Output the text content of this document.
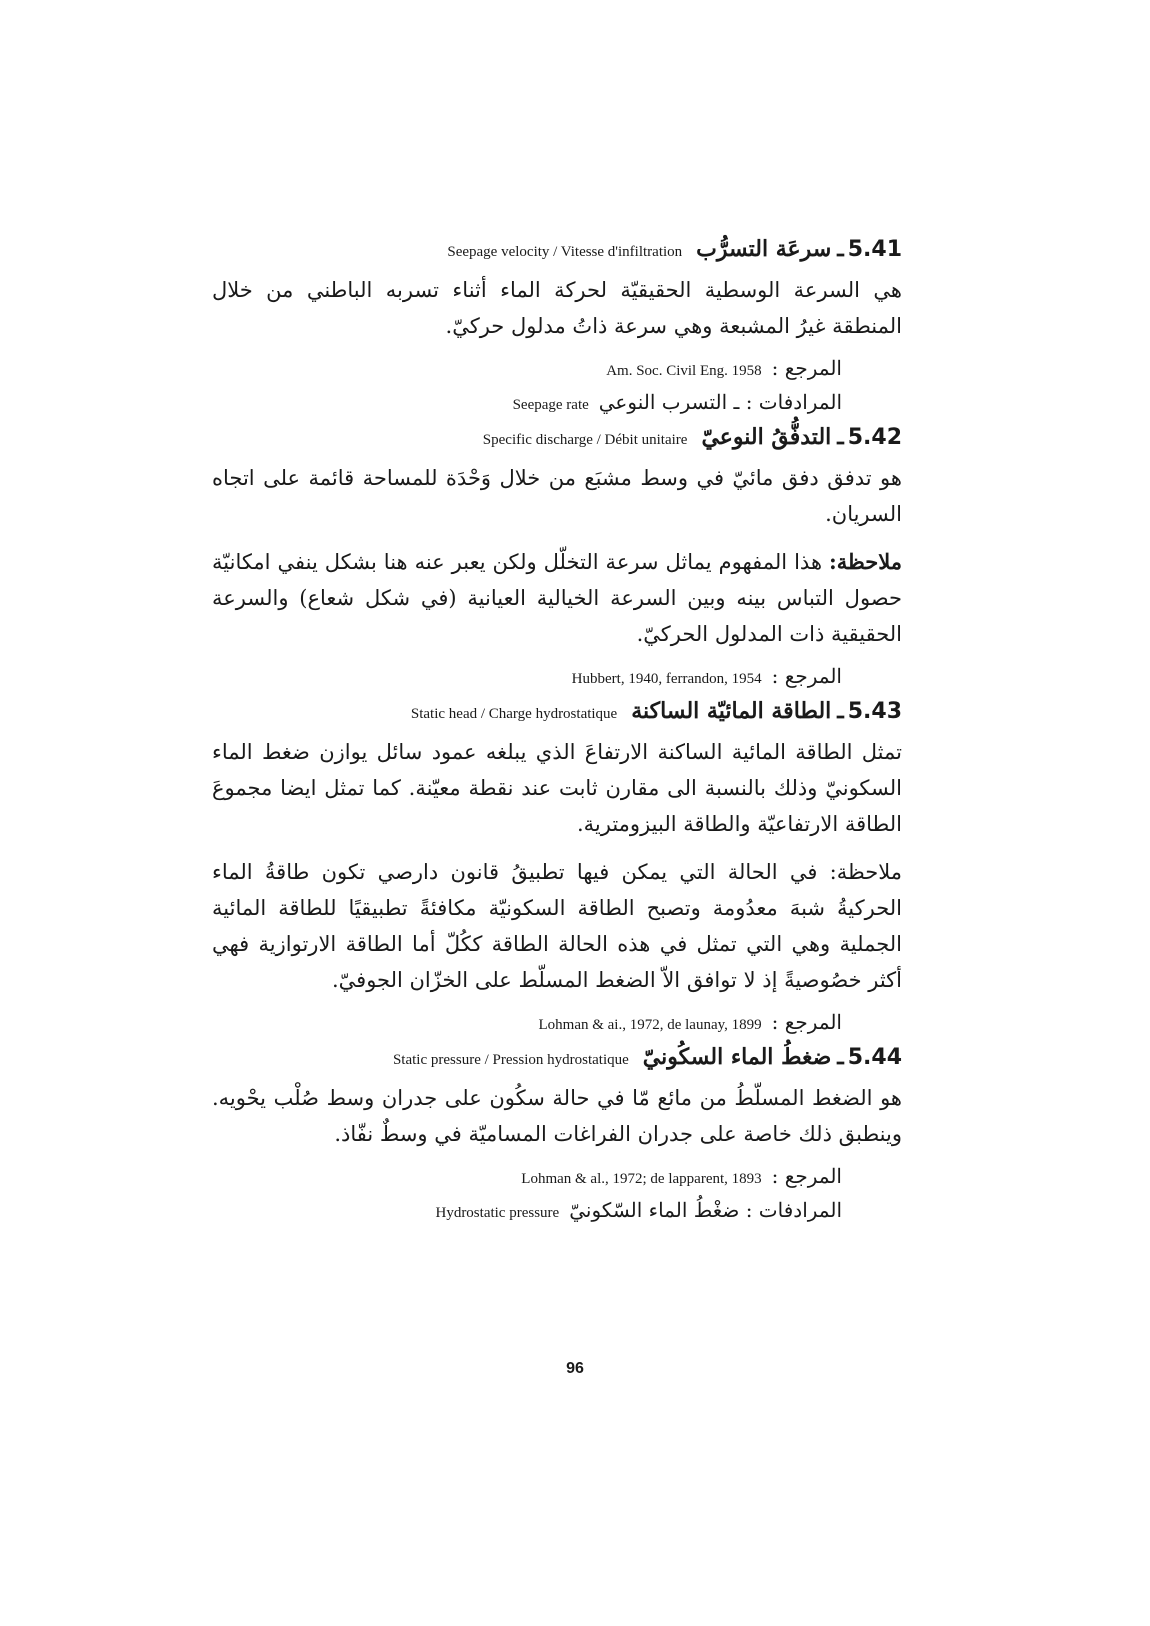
5.41
ـ
سرعَة التسرُّب
Seepage velocity / Vitesse d'infiltration

هي السرعة الوسطية الحقيقيّة لحركة الماء أثناء تسربه الباطني من خلال المنطقة غيرُ المشبعة وهي سرعة ذاتُ مدلول حركيّ.

المرجع :
Am. Soc. Civil Eng. 1958
المرادفات : ـ التسرب النوعي
Seepage rate
5.42
ـ
التدفُّقُ النوعيّ
Specific discharge / Débit unitaire

هو تدفق دفق مائيّ في وسط مشبَع من خلال وَحْدَة للمساحة قائمة على اتجاه السريان.

ملاحظة: هذا المفهوم يماثل سرعة التخلّل ولكن يعبر عنه هنا بشكل ينفي امكانيّة حصول التباس بينه وبين السرعة الخيالية العيانية (في شكل شعاع) والسرعة الحقيقية ذات المدلول الحركيّ.

المرجع :
Hubbert, 1940, ferrandon, 1954
5.43
ـ
الطاقة المائيّة الساكنة
Static head / Charge hydrostatique

تمثل الطاقة المائية الساكنة الارتفاعَ الذي يبلغه عمود سائل يوازن ضغط الماء السكونيّ وذلك بالنسبة الى مقارن ثابت عند نقطة معيّنة. كما تمثل ايضا مجموعَ الطاقة الارتفاعيّة والطاقة البيزومترية.

ملاحظة: في الحالة التي يمكن فيها تطبيقُ قانون دارصي تكون طاقةُ الماء الحركيةُ شبهَ معدُومة وتصبح الطاقة السكونيّة مكافئةً تطبيقيًا للطاقة المائية الجملية وهي التي تمثل في هذه الحالة الطاقة ككُلّ أما الطاقة الارتوازية فهي أكثر خصُوصيةً إذ لا توافق الاّ الضغط المسلّط على الخزّان الجوفيّ.

المرجع :
Lohman & ai., 1972, de launay, 1899
5.44
ـ
ضغطُ الماء السكُونيّ
Static pressure / Pression hydrostatique

هو الضغط المسلّطُ من مائع مّا في حالة سكُون على جدران وسط صُلْب يحْويه. وينطبق ذلك خاصة على جدران الفراغات المساميّة في وسطٌ نفّاذ.

المرجع :
Lohman & al., 1972; de lapparent, 1893
المرادفات : ضغْطُ الماء السّكونيّ
Hydrostatic pressure
96
